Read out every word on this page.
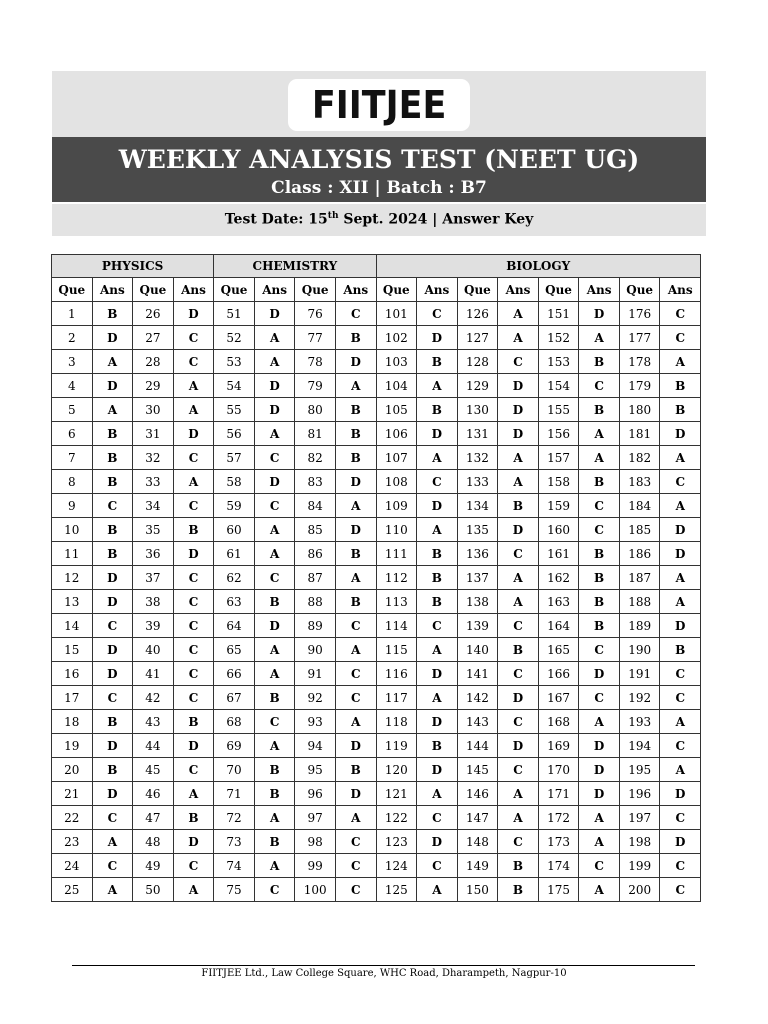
FIITJEE
WEEKLY ANALYSIS TEST (NEET UG)
Class : XII | Batch : B7
Test Date: 15th Sept. 2024 | Answer Key
PHYSICS				CHEMISTRY				BIOLOGY							
Que	Ans	Que	Ans	Que	Ans	Que	Ans	Que	Ans	Que	Ans	Que	Ans	Que	Ans
1	B	26	D	51	D	76	C	101	C	126	A	151	D	176	C
2	D	27	C	52	A	77	B	102	D	127	A	152	A	177	C
3	A	28	C	53	A	78	D	103	B	128	C	153	B	178	A
4	D	29	A	54	D	79	A	104	A	129	D	154	C	179	B
5	A	30	A	55	D	80	B	105	B	130	D	155	B	180	B
6	B	31	D	56	A	81	B	106	D	131	D	156	A	181	D
7	B	32	C	57	C	82	B	107	A	132	A	157	A	182	A
8	B	33	A	58	D	83	D	108	C	133	A	158	B	183	C
9	C	34	C	59	C	84	A	109	D	134	B	159	C	184	A
10	B	35	B	60	A	85	D	110	A	135	D	160	C	185	D
11	B	36	D	61	A	86	B	111	B	136	C	161	B	186	D
12	D	37	C	62	C	87	A	112	B	137	A	162	B	187	A
13	D	38	C	63	B	88	B	113	B	138	A	163	B	188	A
14	C	39	C	64	D	89	C	114	C	139	C	164	B	189	D
15	D	40	C	65	A	90	A	115	A	140	B	165	C	190	B
16	D	41	C	66	A	91	C	116	D	141	C	166	D	191	C
17	C	42	C	67	B	92	C	117	A	142	D	167	C	192	C
18	B	43	B	68	C	93	A	118	D	143	C	168	A	193	A
19	D	44	D	69	A	94	D	119	B	144	D	169	D	194	C
20	B	45	C	70	B	95	B	120	D	145	C	170	D	195	A
21	D	46	A	71	B	96	D	121	A	146	A	171	D	196	D
22	C	47	B	72	A	97	A	122	C	147	A	172	A	197	C
23	A	48	D	73	B	98	C	123	D	148	C	173	A	198	D
24	C	49	C	74	A	99	C	124	C	149	B	174	C	199	C
25	A	50	A	75	C	100	C	125	A	150	B	175	A	200	C
FIITJEE Ltd., Law College Square, WHC Road, Dharampeth, Nagpur-10
